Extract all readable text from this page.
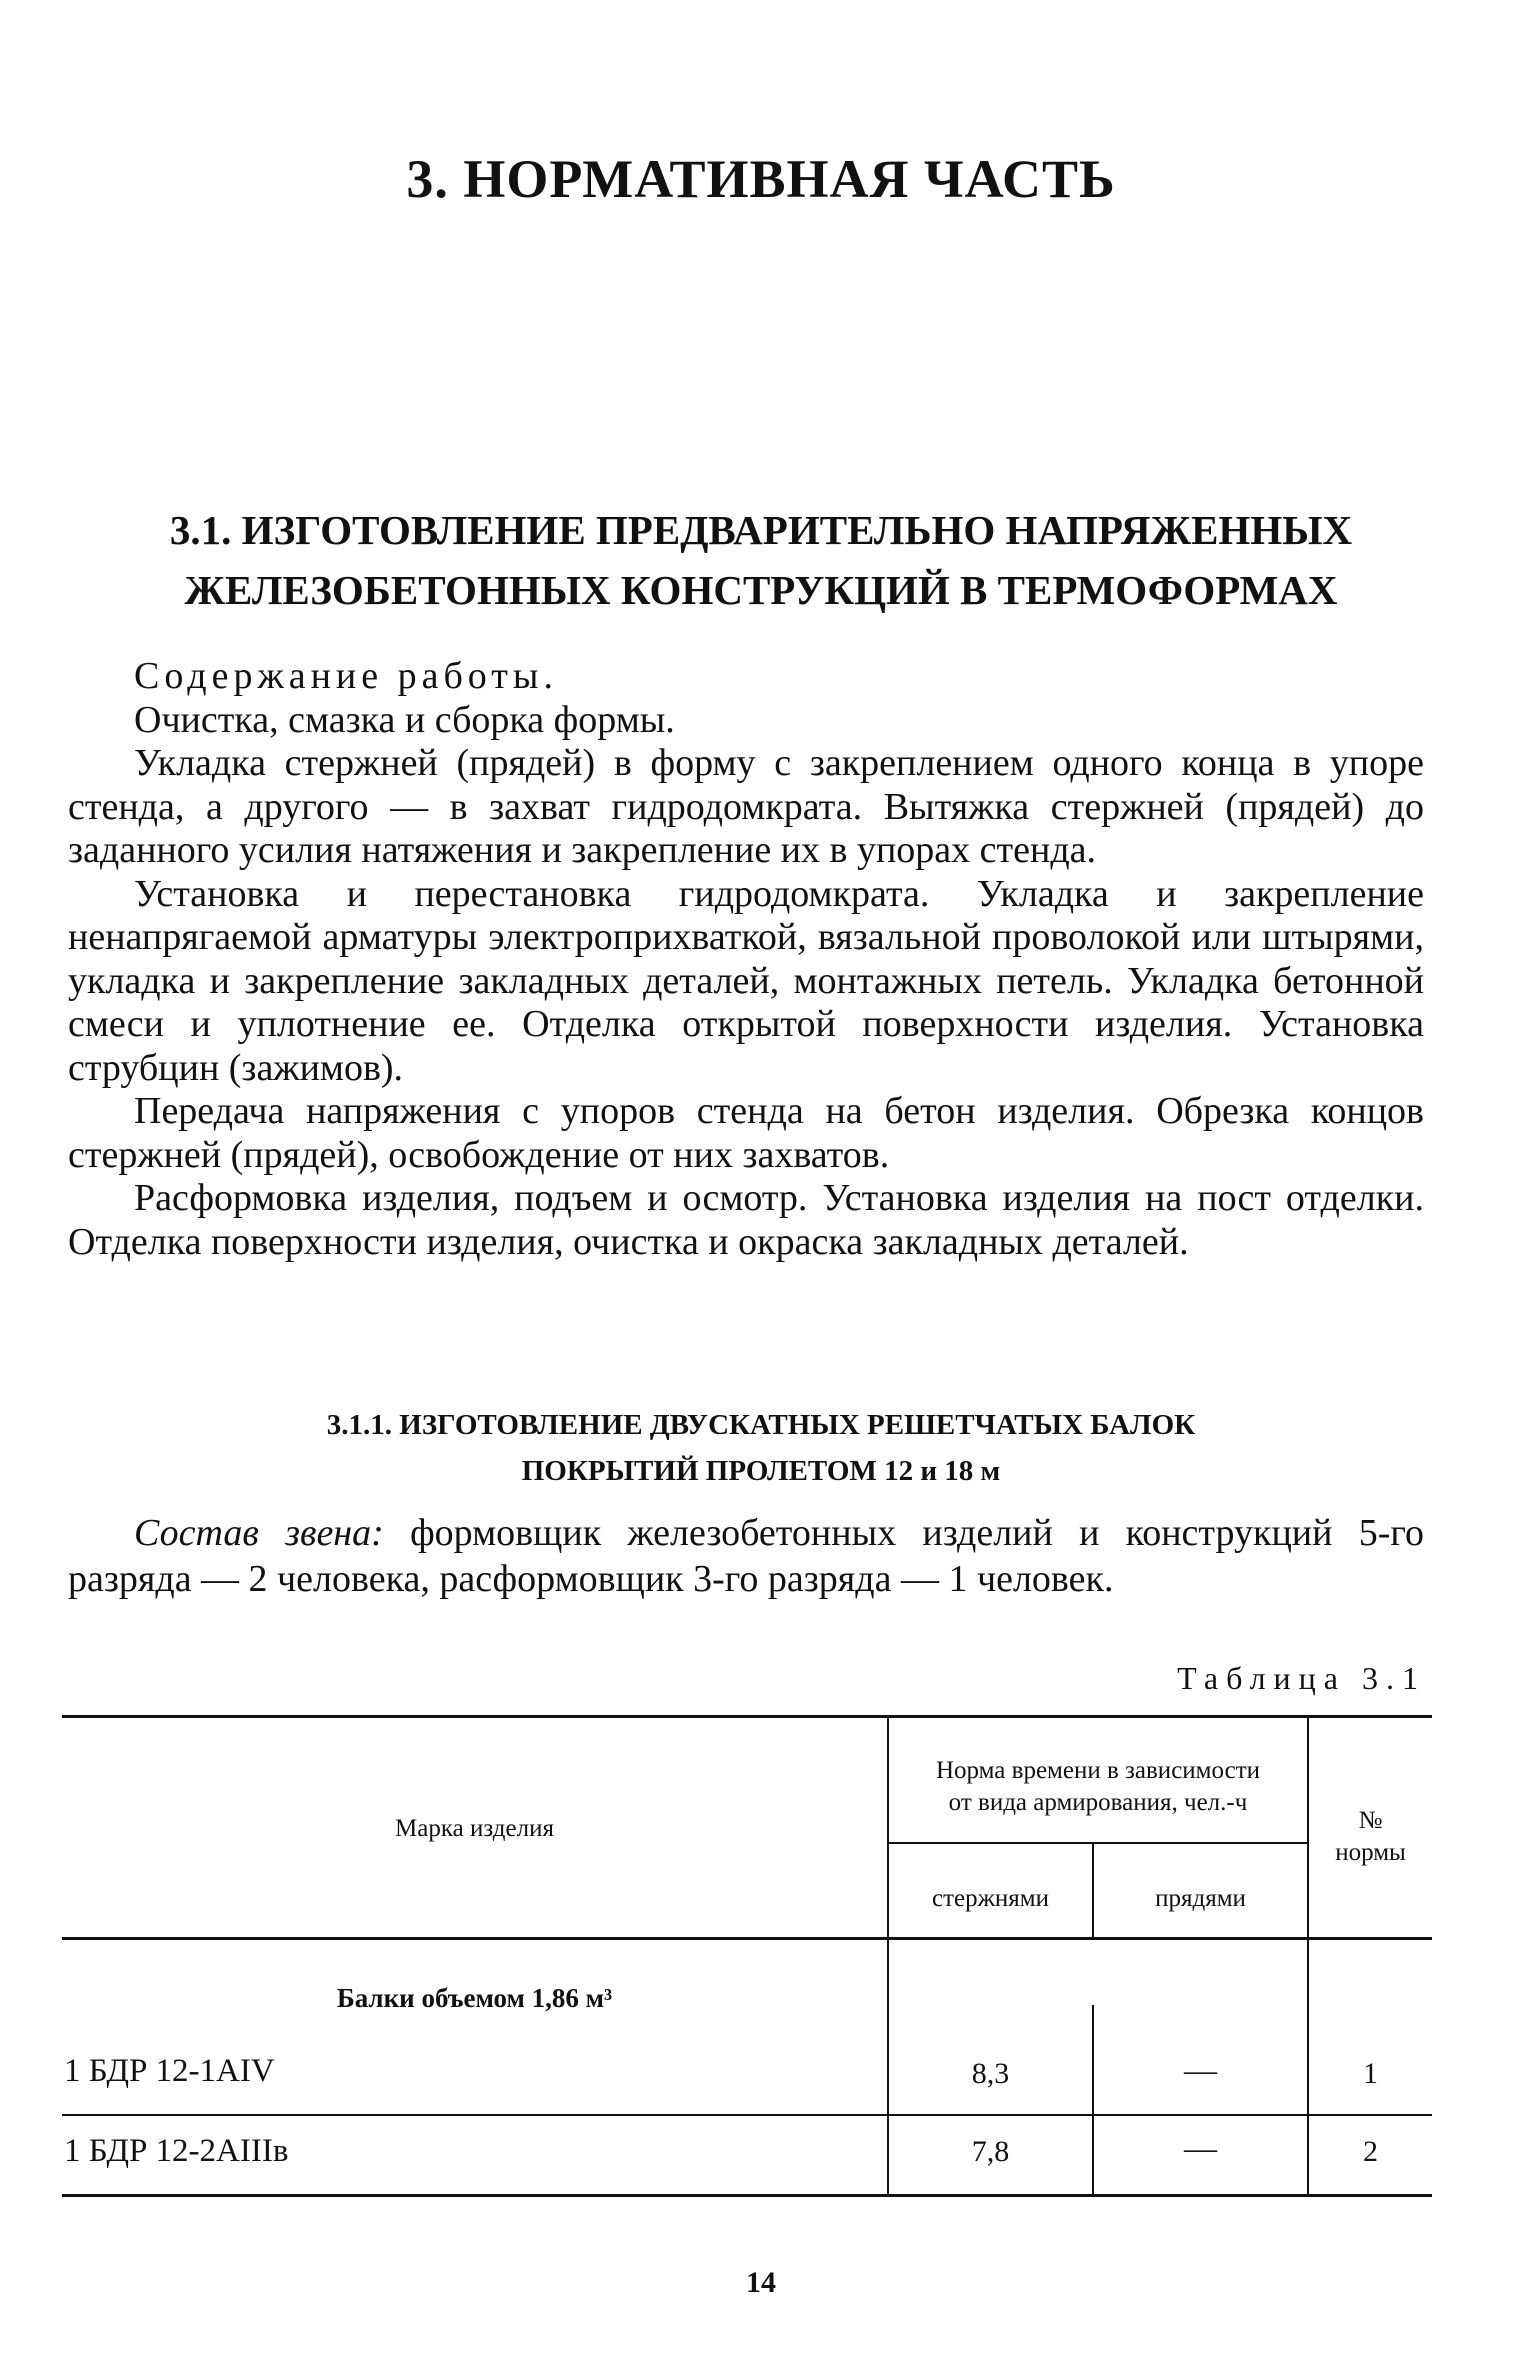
3. НОРМАТИВНАЯ ЧАСТЬ
3.1. ИЗГОТОВЛЕНИЕ ПРЕДВАРИТЕЛЬНО НАПРЯЖЕННЫХ
ЖЕЛЕЗОБЕТОННЫХ КОНСТРУКЦИЙ В ТЕРМОФОРМАХ

Содержание работы.

Очистка, смазка и сборка формы.

Укладка стержней (прядей) в форму с закреплением одного конца в упоре стенда, а другого — в захват гидродомкрата. Вытяжка стержней (прядей) до заданного усилия натяжения и закрепление их в упорах стенда.

Установка и перестановка гидродомкрата. Укладка и закрепление ненапрягаемой арматуры электроприхваткой, вязальной проволокой или штырями, укладка и закрепление закладных деталей, монтажных петель. Укладка бетонной смеси и уплотнение ее. Отделка открытой поверхности изделия. Установка струбцин (зажимов).

Передача напряжения с упоров стенда на бетон изделия. Обрезка концов стержней (прядей), освобождение от них захватов.

Расформовка изделия, подъем и осмотр. Установка изделия на пост отделки. Отделка поверхности изделия, очистка и окраска закладных деталей.

3.1.1. ИЗГОТОВЛЕНИЕ ДВУСКАТНЫХ РЕШЕТЧАТЫХ БАЛОК
ПОКРЫТИЙ ПРОЛЕТОМ 12 и 18 м

Состав звена: формовщик железобетонных изделий и конструкций 5-го разряда — 2 человека, расформовщик 3-го разряда — 1 человек.

Таблица 3.1
Марка изделия
Норма времени в зависимости
от вида армирования, чел.-ч
стержнями	прядями
№
нормы
Балки объемом 1,86 м³
1 БДР 12-1AIV	8,3	—	1
1 БДР 12-2AIIIв	7,8	—	2
14
